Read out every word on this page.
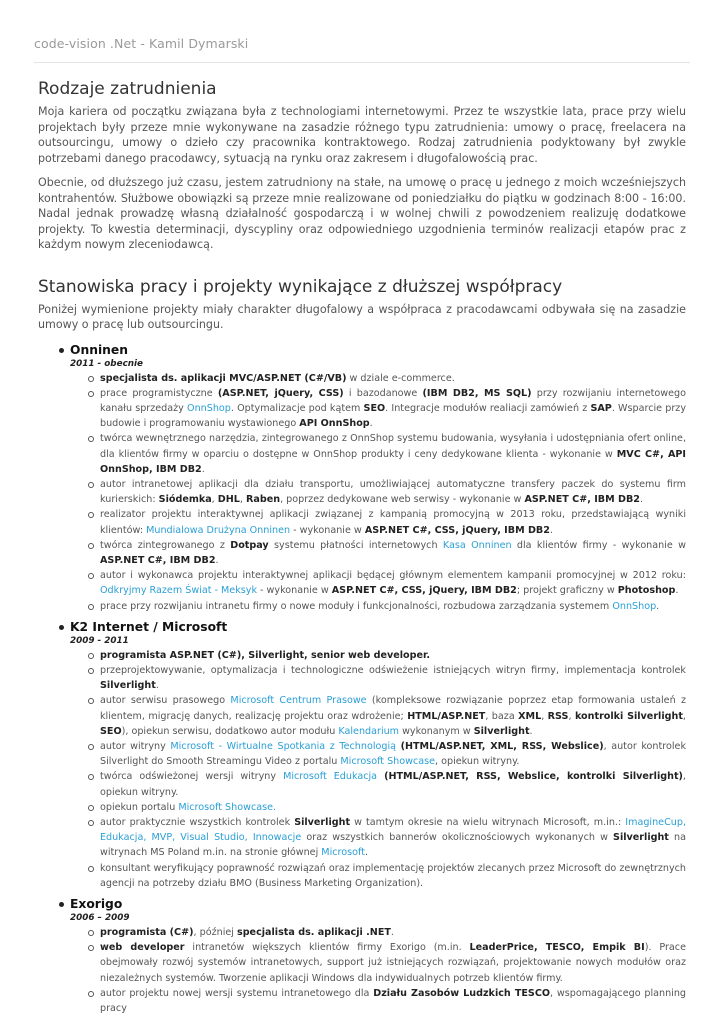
code-vision .Net - Kamil Dymarski
Rodzaje zatrudnienia

Moja kariera od początku związana była z technologiami internetowymi. Przez te wszystkie lata, prace przy wielu projektach były przeze mnie wykonywane na zasadzie różnego typu zatrudnienia: umowy o pracę, freelacera na outsourcingu, umowy o dzieło czy pracownika kontraktowego. Rodzaj zatrudnienia podyktowany był zwykle potrzebami danego pracodawcy, sytuacją na rynku oraz zakresem i długofalowością prac.

Obecnie, od dłuższego już czasu, jestem zatrudniony na stałe, na umowę o pracę u jednego z moich wcześniejszych kontrahentów. Służbowe obowiązki są przeze mnie realizowane od poniedziałku do piątku w godzinach 8:00 - 16:00. Nadal jednak prowadzę własną działalność gospodarczą i w wolnej chwili z powodzeniem realizuję dodatkowe projekty. To kwestia determinacji, dyscypliny oraz odpowiedniego uzgodnienia terminów realizacji etapów prac z każdym nowym zleceniodawcą.

Stanowiska pracy i projekty wynikające z dłuższej współpracy

Poniżej wymienione projekty miały charakter długofalowy a współpraca z pracodawcami odbywała się na zasadzie umowy o pracę lub outsourcingu.

Onninen
2011 - obecnie
specjalista ds. aplikacji MVC/ASP.NET (C#/VB) w dziale e-commerce.
prace programistyczne (ASP.NET, jQuery, CSS) i bazodanowe (IBM DB2, MS SQL) przy rozwijaniu internetowego kanału sprzedaży OnnShop. Optymalizacje pod kątem SEO. Integracje modułów realiacji zamówień z SAP. Wsparcie przy budowie i programowaniu wystawionego API OnnShop.
twórca wewnętrznego narzędzia, zintegrowanego z OnnShop systemu budowania, wysyłania i udostępniania ofert online, dla klientów firmy w oparciu o dostępne w OnnShop produkty i ceny dedykowane klienta - wykonanie w MVC C#, API OnnShop, IBM DB2.
autor intranetowej aplikacji dla działu transportu, umożliwiającej automatyczne transfery paczek do systemu firm kurierskich: Siódemka, DHL, Raben, poprzez dedykowane web serwisy - wykonanie w ASP.NET C#, IBM DB2.
realizator projektu interaktywnej aplikacji związanej z kampanią promocyjną w 2013 roku, przedstawiającą wyniki klientów: Mundialowa Drużyna Onninen - wykonanie w ASP.NET C#, CSS, jQuery, IBM DB2.
twórca zintegrowanego z Dotpay systemu płatności internetowych Kasa Onninen dla klientów firmy - wykonanie w ASP.NET C#, IBM DB2.
autor i wykonawca projektu interaktywnej aplikacji będącej głównym elementem kampanii promocyjnej w 2012 roku: Odkryjmy Razem Świat - Meksyk - wykonanie w ASP.NET C#, CSS, jQuery, IBM DB2; projekt graficzny w Photoshop.
prace przy rozwijaniu intranetu firmy o nowe moduły i funkcjonalności, rozbudowa zarządzania systemem OnnShop.
K2 Internet / Microsoft
2009 - 2011
programista ASP.NET (C#), Silverlight, senior web developer.
przeprojektowywanie, optymalizacja i technologiczne odświeżenie istniejących witryn firmy, implementacja kontrolek Silverlight.
autor serwisu prasowego Microsoft Centrum Prasowe (kompleksowe rozwiązanie poprzez etap formowania ustaleń z klientem, migrację danych, realizację projektu oraz wdrożenie; HTML/ASP.NET, baza XML, RSS, kontrolki Silverlight, SEO), opiekun serwisu, dodatkowo autor modułu Kalendarium wykonanym w Silverlight.
autor witryny Microsoft - Wirtualne Spotkania z Technologią (HTML/ASP.NET, XML, RSS, Webslice), autor kontrolek Silverlight do Smooth Streamingu Video z portalu Microsoft Showcase, opiekun witryny.
twórca odświeżonej wersji witryny Microsoft Edukacja (HTML/ASP.NET, RSS, Webslice, kontrolki Silverlight), opiekun witryny.
opiekun portalu Microsoft Showcase.
autor praktycznie wszystkich kontrolek Silverlight w tamtym okresie na wielu witrynach Microsoft, m.in.: ImagineCup, Edukacja, MVP, Visual Studio, Innowacje oraz wszystkich bannerów okolicznościowych wykonanych w Silverlight na witrynach MS Poland m.in. na stronie głównej Microsoft.
konsultant weryfikujący poprawność rozwiązań oraz implementację projektów zlecanych przez Microsoft do zewnętrznych agencji na potrzeby działu BMO (Business Marketing Organization).
Exorigo
2006 – 2009
programista (C#), później specjalista ds. aplikacji .NET.
web developer intranetów większych klientów firmy Exorigo (m.in. LeaderPrice, TESCO, Empik BI). Prace obejmowały rozwój systemów intranetowych, support już istniejących rozwiązań, projektowanie nowych modułów oraz niezależnych systemów. Tworzenie aplikacji Windows dla indywidualnych potrzeb klientów firmy.
autor projektu nowej wersji systemu intranetowego dla Działu Zasobów Ludzkich TESCO, wspomagającego planning pracy
